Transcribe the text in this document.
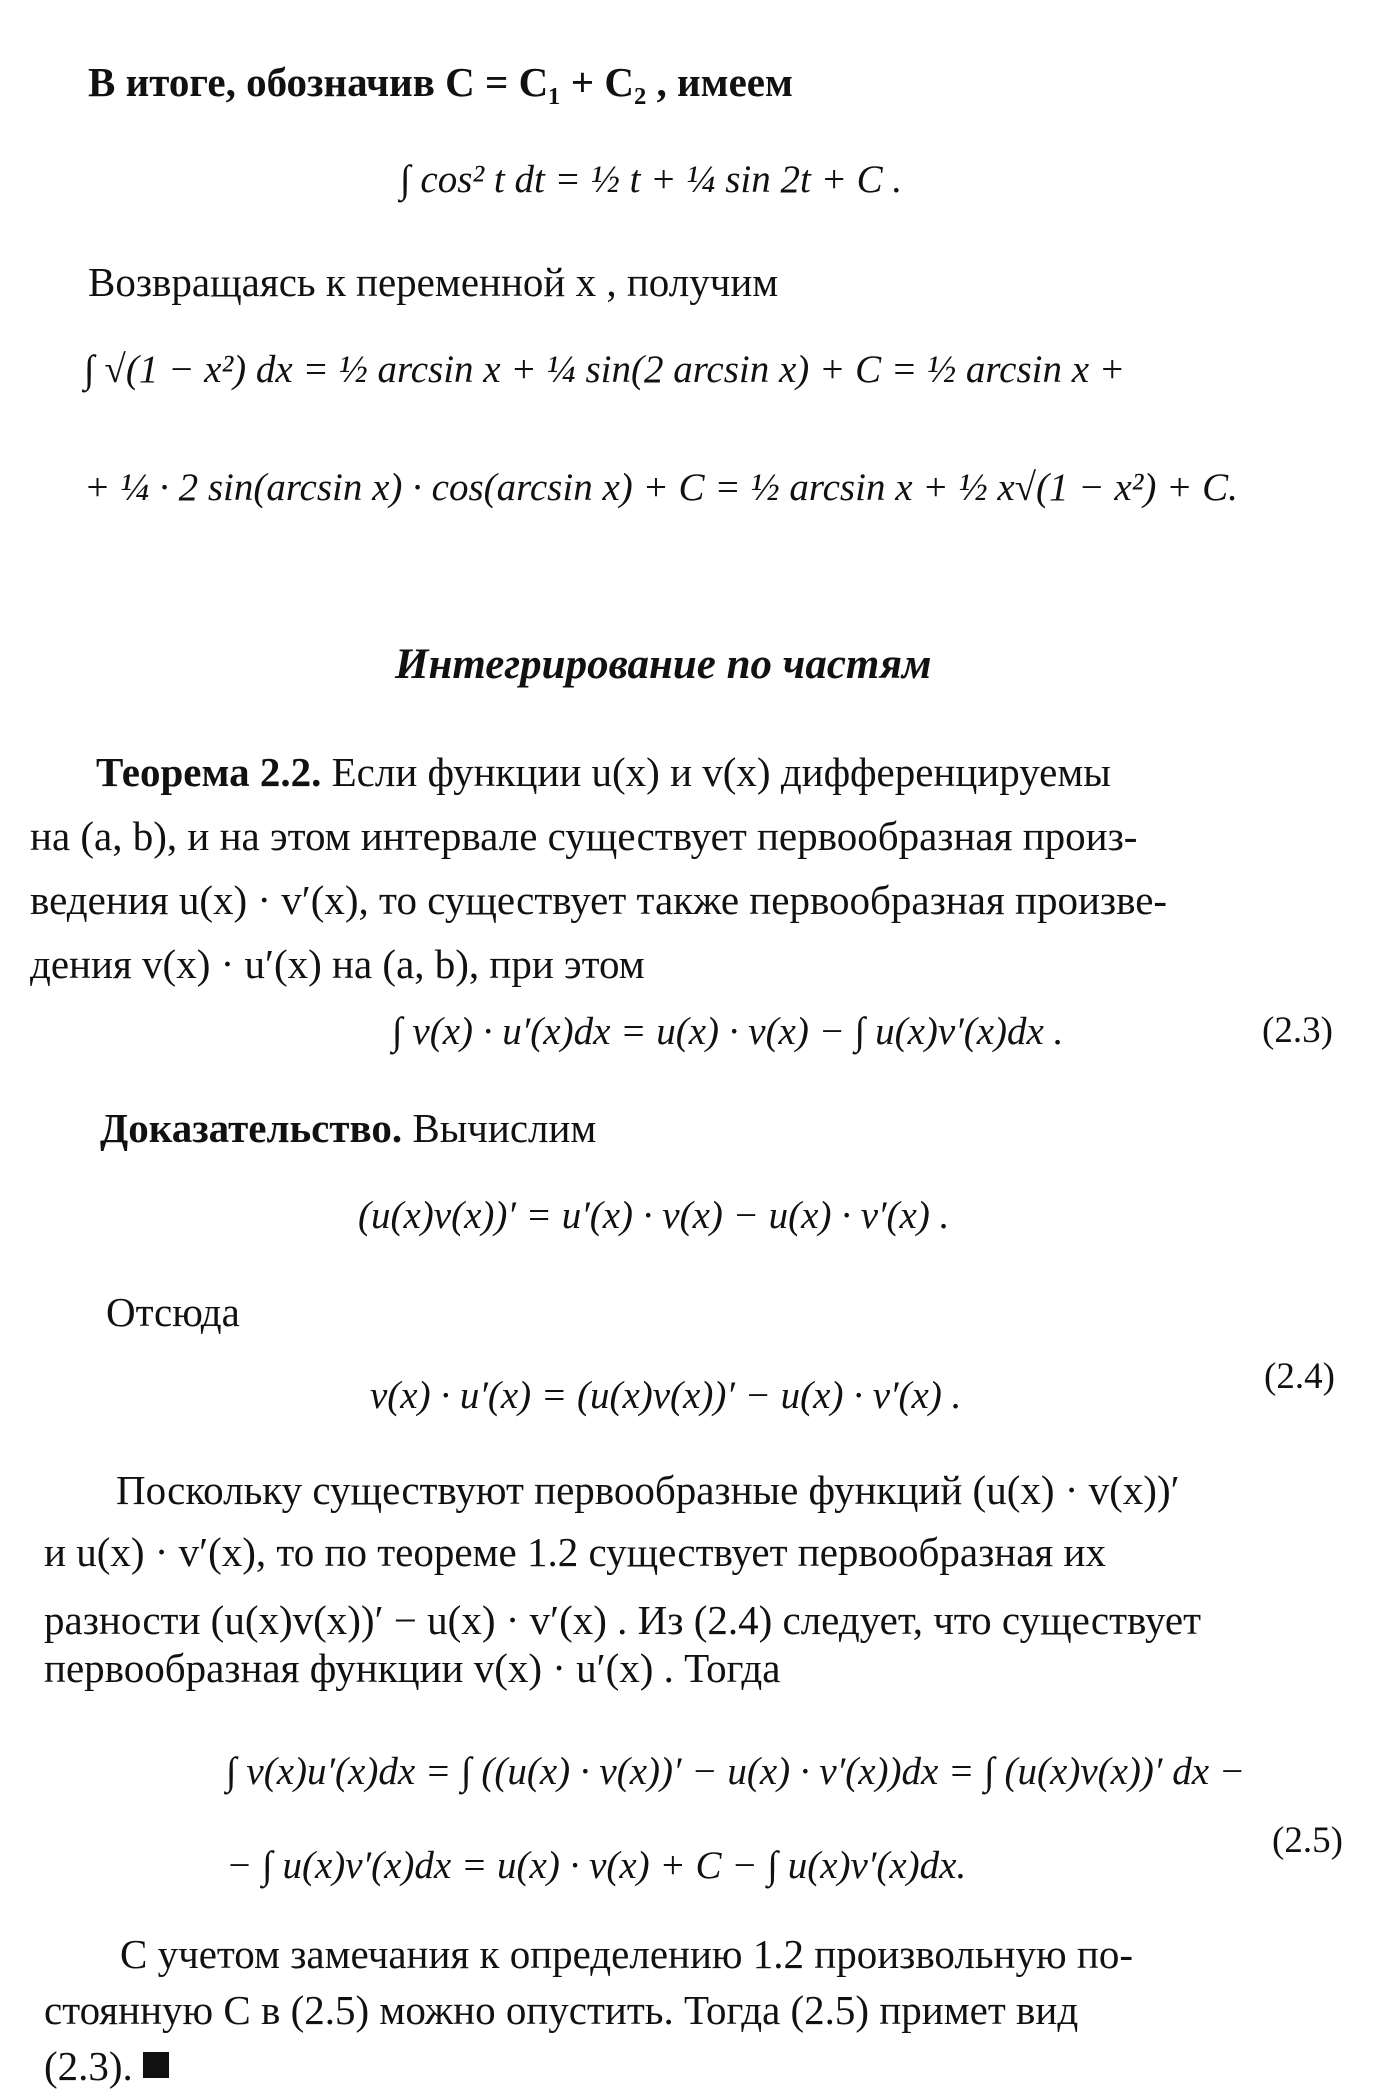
В итоге, обозначив C = C₁ + C₂ , имеем
∫ cos² t dt = ½ t + ¼ sin 2t + C .
Возвращаясь к переменной x , получим
∫ √(1 − x²) dx = ½ arcsin x + ¼ sin(2 arcsin x) + C = ½ arcsin x +
+ ¼ · 2 sin(arcsin x) · cos(arcsin x) + C = ½ arcsin x + ½ x√(1 − x²) + C.
Интегрирование по частям
Теорема 2.2. Если функции u(x) и v(x) дифференцируемы
на (a, b), и на этом интервале существует первообразная произ-
ведения u(x) · v′(x), то существует также первообразная произве-
дения v(x) · u′(x) на (a, b), при этом
∫ v(x) · u′(x)dx = u(x) · v(x) − ∫ u(x)v′(x)dx .	(2.3)
Доказательство. Вычислим
(u(x)v(x))′ = u′(x) · v(x) − u(x) · v′(x) .
Отсюда
v(x) · u′(x) = (u(x)v(x))′ − u(x) · v′(x) .	(2.4)
Поскольку существуют первообразные функций (u(x) · v(x))′
и u(x) · v′(x), то по теореме 1.2 существует первообразная их
разности (u(x)v(x))′ − u(x) · v′(x) . Из (2.4) следует, что существует
первообразная функции v(x) · u′(x) . Тогда
∫ v(x)u′(x)dx = ∫ ((u(x) · v(x))′ − u(x) · v′(x))dx = ∫ (u(x)v(x))′ dx −
− ∫ u(x)v′(x)dx = u(x) · v(x) + C − ∫ u(x)v′(x)dx.
(2.5)
С учетом замечания к определению 1.2 произвольную по-
стоянную C в (2.5) можно опустить. Тогда (2.5) примет вид
(2.3).
